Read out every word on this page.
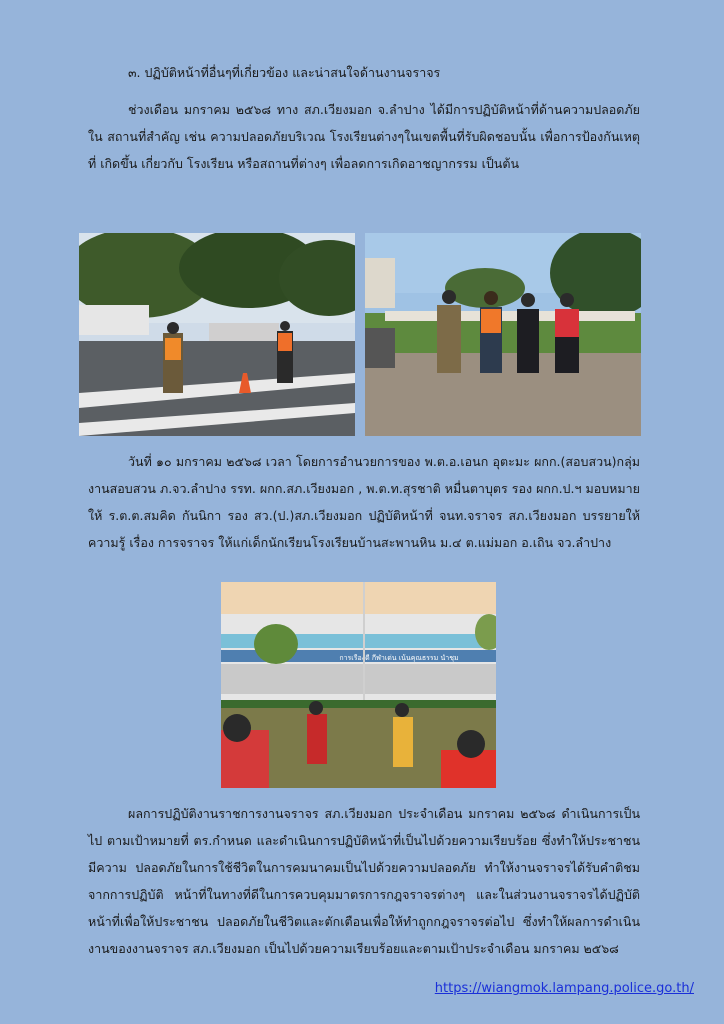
๓. ปฏิบัติหน้าที่อื่นๆที่เกี่ยวข้อง และน่าสนใจด้านงานจราจร

ช่วงเดือน มกราคม ๒๕๖๘ ทาง สภ.เวียงมอก จ.ลำปาง ได้มีการปฏิบัติหน้าที่ด้านความปลอดภัยใน สถานที่สำคัญ เช่น ความปลอดภัยบริเวณ โรงเรียนต่างๆในเขตพื้นที่รับผิดชอบนั้น เพื่อการป้องกันเหตุที่ เกิดขึ้น เกี่ยวกับ โรงเรียน หรือสถานที่ต่างๆ เพื่อลดการเกิดอาชญากรรม เป็นต้น

วันที่ ๑๐ มกราคม ๒๕๖๘ เวลา โดยการอำนวยการของ พ.ต.อ.เอนก อุตะมะ ผกก.(สอบสวน)กลุ่ม งานสอบสวน ภ.จว.ลำปาง รรท. ผกก.สภ.เวียงมอก , พ.ต.ท.สุรชาติ หมื่นตาบุตร รอง ผกก.ป.ฯ มอบหมายให้ ร.ต.ต.สมคิด กันนิกา รอง สว.(ป.)สภ.เวียงมอก ปฏิบัติหน้าที่ จนท.จราจร สภ.เวียงมอก บรรยายให้ความรู้ เรื่อง การจราจร ให้แก่เด็กนักเรียนโรงเรียนบ้านสะพานหิน ม.๔ ต.แม่มอก อ.เถิน จว.ลำปาง

การเรืองดี กีฬาเด่น เน้นคุณธรรม นำชุม

ผลการปฏิบัติงานราชการงานจราจร สภ.เวียงมอก ประจำเดือน มกราคม ๒๕๖๘ ดำเนินการเป็นไป ตามเป้าหมายที่ ตร.กำหนด และดำเนินการปฏิบัติหน้าที่เป็นไปด้วยความเรียบร้อย ซึ่งทำให้ประชาชนมีความ ปลอดภัยในการใช้ชีวิตในการคมนาคมเป็นไปด้วยความปลอดภัย ทำให้งานจราจรได้รับคำติชมจากการปฏิบัติ หน้าที่ในทางที่ดีในการควบคุมมาตรการกฎจราจรต่างๆ และในส่วนงานจราจรได้ปฏิบัติหน้าที่เพื่อให้ประชาชน ปลอดภัยในชีวิตและตักเตือนเพื่อให้ทำถูกกฎจราจรต่อไป ซึ่งทำให้ผลการดำเนินงานของงานจราจร สภ.เวียงมอก เป็นไปด้วยความเรียบร้อยและตามเป้าประจำเดือน มกราคม ๒๕๖๘

https://wiangmok.lampang.police.go.th/
